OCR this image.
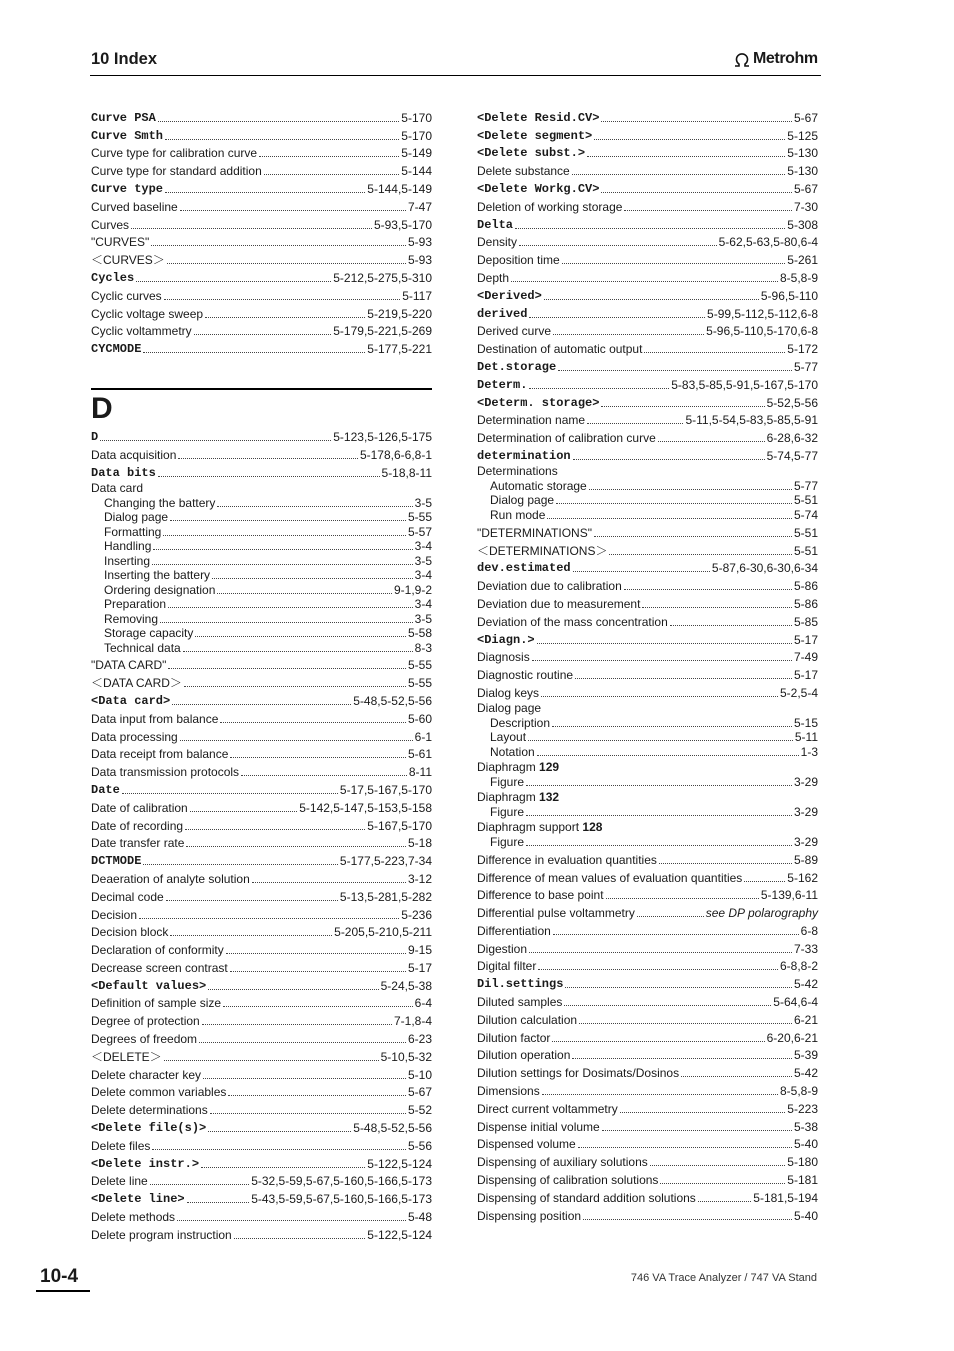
10 Index	Metrohm
Curve PSA	5-170
Curve Smth	5-170
Curve type for calibration curve	5-149
Curve type for standard addition	5-144
Curve type	5-144,5-149
Curved baseline	7-47
Curves	5-93,5-170
"CURVES"	5-93
＜CURVES＞	5-93
Cycles	5-212,5-275,5-310
Cyclic curves	5-117
Cyclic voltage sweep	5-219,5-220
Cyclic voltammetry	5-179,5-221,5-269
CYCMODE	5-177,5-221
D
D	5-123,5-126,5-175
Data acquisition	5-178,6-6,8-1
Data bits	5-18,8-11
Data card
Changing the battery	3-5
Dialog page	5-55
Formatting	5-57
Handling	3-4
Inserting	3-5
Inserting the battery	3-4
Ordering designation	9-1,9-2
Preparation	3-4
Removing	3-5
Storage capacity	5-58
Technical data	8-3
"DATA CARD"	5-55
＜DATA CARD＞	5-55
<Data card>	5-48,5-52,5-56
Data input from balance	5-60
Data processing	6-1
Data receipt from balance	5-61
Data transmission protocols	8-11
Date	5-17,5-167,5-170
Date of calibration	5-142,5-147,5-153,5-158
Date of recording	5-167,5-170
Date transfer rate	5-18
DCTMODE	5-177,5-223,7-34
Deaeration of analyte solution	3-12
Decimal code	5-13,5-281,5-282
Decision	5-236
Decision block	5-205,5-210,5-211
Declaration of conformity	9-15
Decrease screen contrast	5-17
<Default values>	5-24,5-38
Definition of sample size	6-4
Degree of protection	7-1,8-4
Degrees of freedom	6-23
＜DELETE＞	5-10,5-32
Delete character key	5-10
Delete common variables	5-67
Delete determinations	5-52
<Delete file(s)>	5-48,5-52,5-56
Delete files	5-56
<Delete instr.>	5-122,5-124
Delete line	5-32,5-59,5-67,5-160,5-166,5-173
<Delete line>	5-43,5-59,5-67,5-160,5-166,5-173
Delete methods	5-48
Delete program instruction	5-122,5-124
<Delete Resid.CV>	5-67
<Delete segment>	5-125
<Delete subst.>	5-130
Delete substance	5-130
<Delete Workg.CV>	5-67
Deletion of working storage	7-30
Delta	5-308
Density	5-62,5-63,5-80,6-4
Deposition time	5-261
Depth	8-5,8-9
<Derived>	5-96,5-110
derived	5-99,5-112,5-112,6-8
Derived curve	5-96,5-110,5-170,6-8
Destination of automatic output	5-172
Det.storage	5-77
Determ.	5-83,5-85,5-91,5-167,5-170
<Determ. storage>	5-52,5-56
Determination name	5-11,5-54,5-83,5-85,5-91
Determination of calibration curve	6-28,6-32
determination	5-74,5-77
Determinations
Automatic storage	5-77
Dialog page	5-51
Run mode	5-74
"DETERMINATIONS"	5-51
＜DETERMINATIONS＞	5-51
dev.estimated	5-87,6-30,6-30,6-34
Deviation due to calibration	5-86
Deviation due to measurement	5-86
Deviation of the mass concentration	5-85
<Diagn.>	5-17
Diagnosis	7-49
Diagnostic routine	5-17
Dialog keys	5-2,5-4
Dialog page
Description	5-15
Layout	5-11
Notation	1-3
Diaphragm 129
Figure	3-29
Diaphragm 132
Figure	3-29
Diaphragm support 128
Figure	3-29
Difference in evaluation quantities	5-89
Difference of mean values of evaluation quantities	5-162
Difference to base point	5-139,6-11
Differential pulse voltammetry	see DP polarography
Differentiation	6-8
Digestion	7-33
Digital filter	6-8,8-2
Dil.settings	5-42
Diluted samples	5-64,6-4
Dilution calculation	6-21
Dilution factor	6-20,6-21
Dilution operation	5-39
Dilution settings for Dosimats/Dosinos	5-42
Dimensions	8-5,8-9
Direct current voltammetry	5-223
Dispense initial volume	5-38
Dispensed volume	5-40
Dispensing of auxiliary solutions	5-180
Dispensing of calibration solutions	5-181
Dispensing of standard addition solutions	5-181,5-194
Dispensing position	5-40
10-4	746 VA Trace Analyzer / 747 VA Stand
